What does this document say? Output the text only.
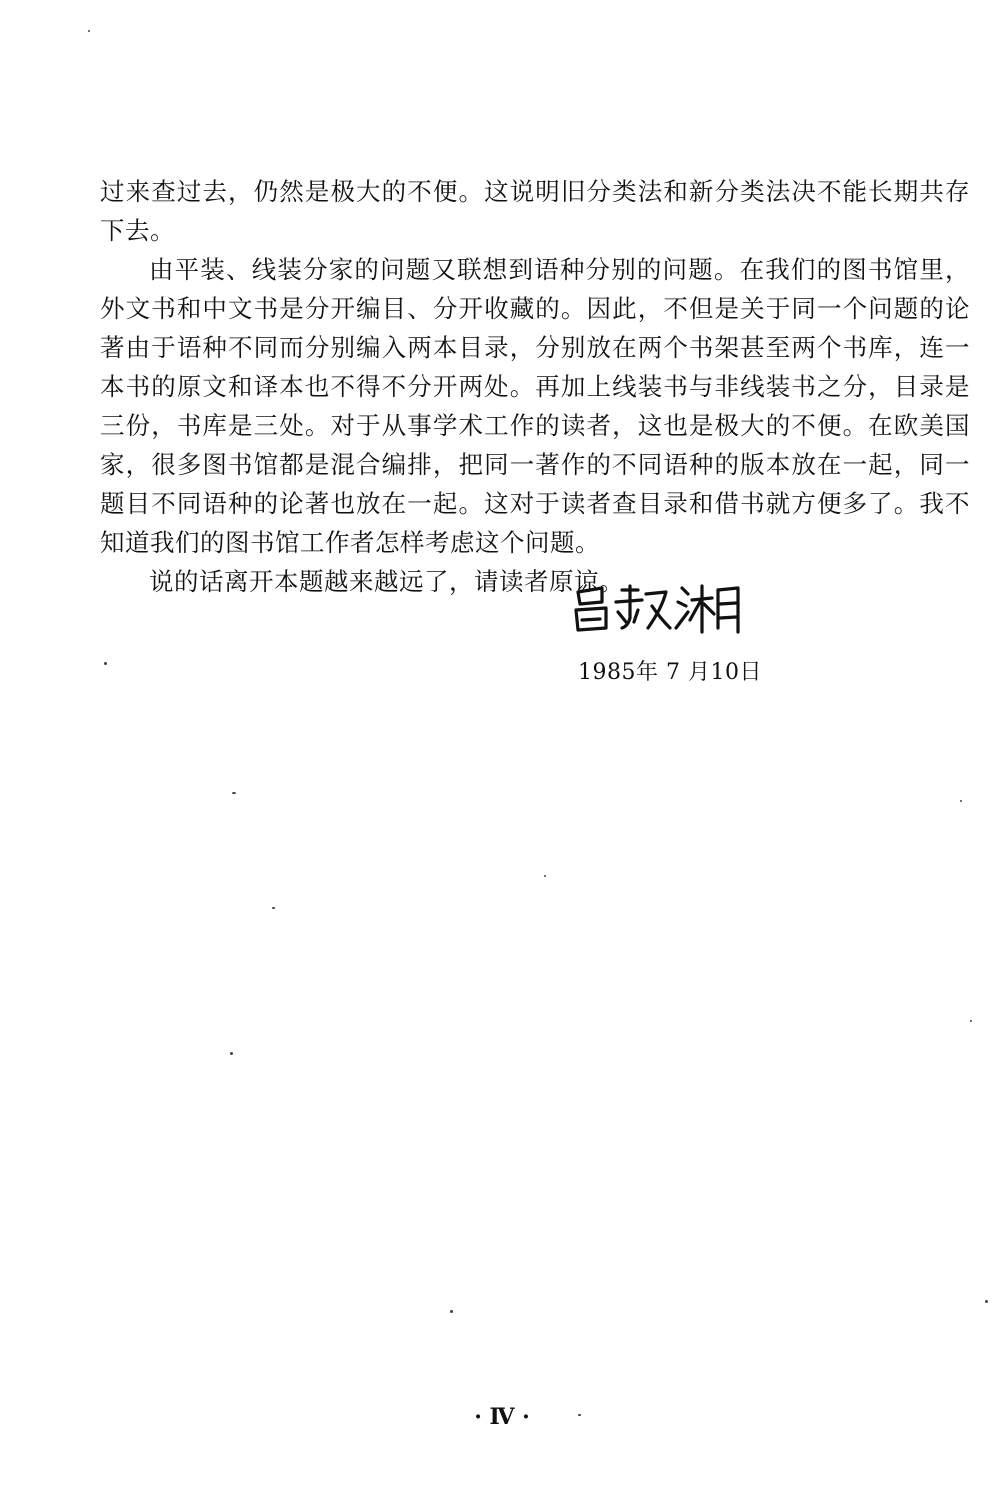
过来查过去，仍然是极大的不便。这说明旧分类法和新分类法决不能长期共存下去。

由平装、线装分家的问题又联想到语种分别的问题。在我们的图书馆里，外文书和中文书是分开编目、分开收藏的。因此，不但是关于同一个问题的论著由于语种不同而分别编入两本目录，分别放在两个书架甚至两个书库，连一本书的原文和译本也不得不分开两处。再加上线装书与非线装书之分，目录是三份，书库是三处。对于从事学术工作的读者，这也是极大的不便。在欧美国家，很多图书馆都是混合编排，把同一著作的不同语种的版本放在一起，同一题目不同语种的论著也放在一起。这对于读者查目录和借书就方便多了。我不知道我们的图书馆工作者怎样考虑这个问题。

说的话离开本题越来越远了，请读者原谅。

1985年 7 月10日
· Ⅳ ·
